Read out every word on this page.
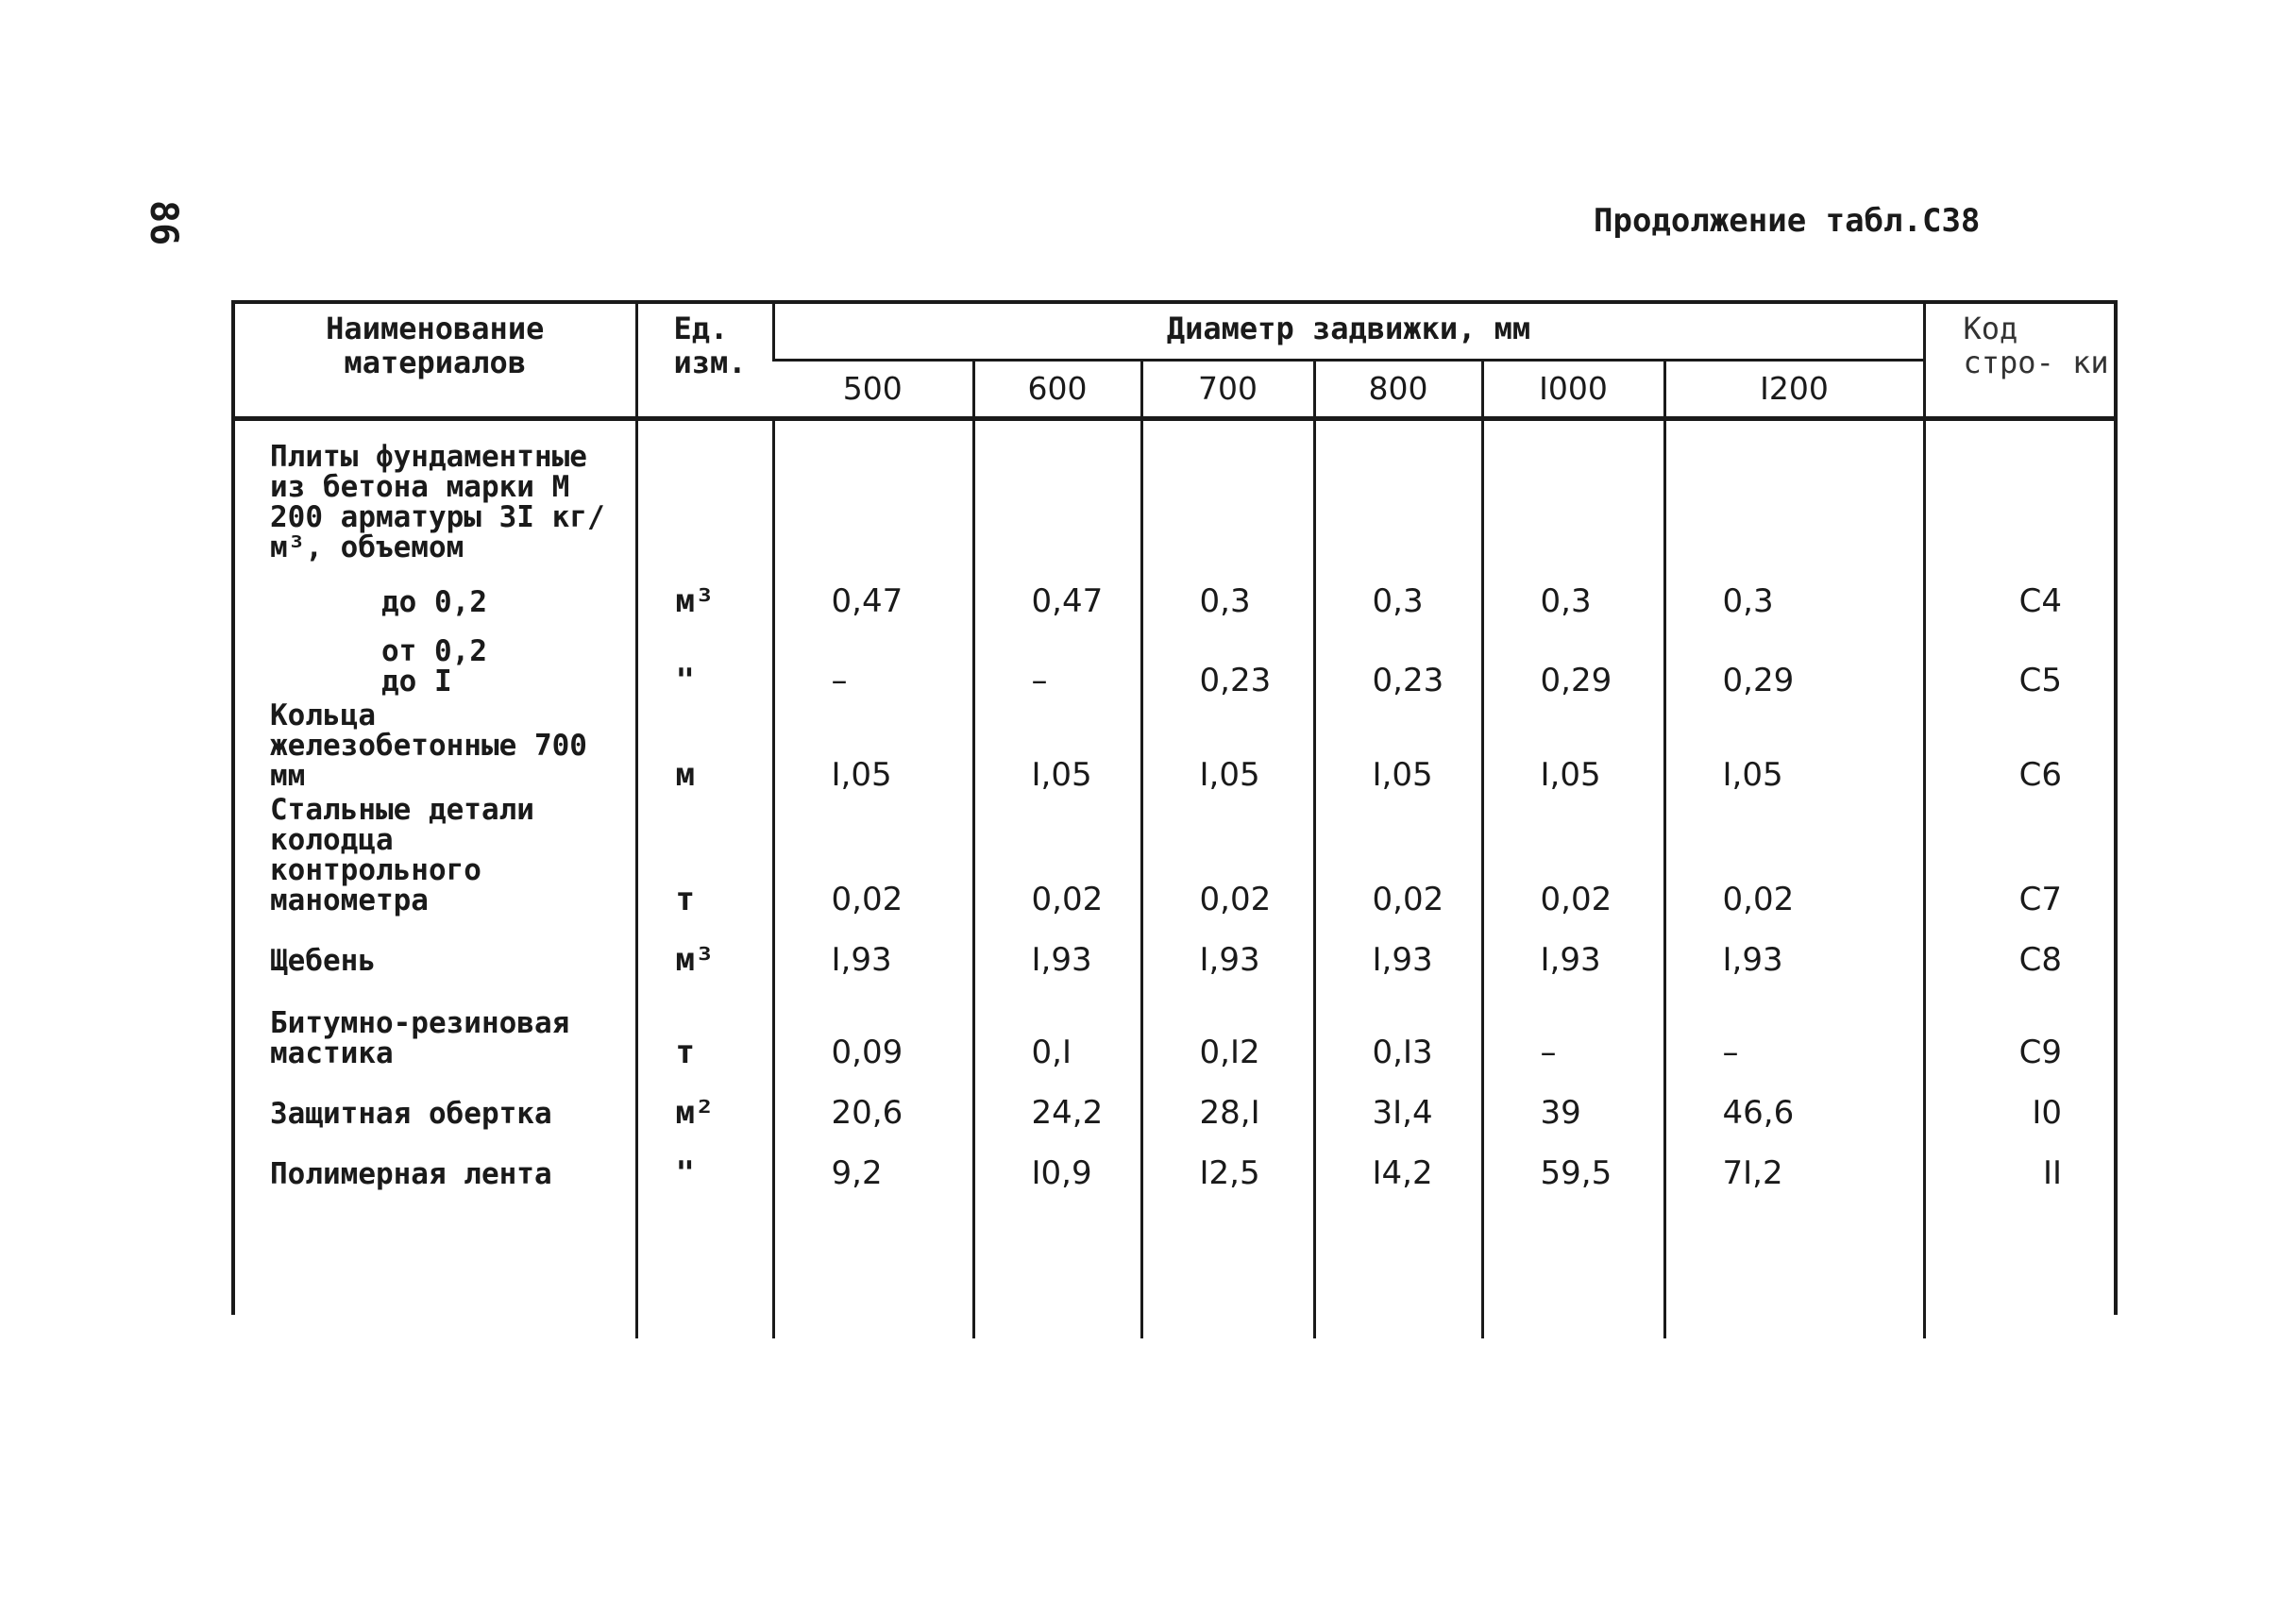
86	Продолжение табл.С38
Наименование материалов	Ед. изм.	Диаметр задвижки, мм						Код стро- ки
		500	600	700	800	I000	I200	
Плиты фундаментные из бетона марки М 200 арматуры 3I кг/м³, объемом								
до 0,2	м³	0,47	0,47	0,3	0,3	0,3	0,3	С4
от 0,2 до I	"	–	–	0,23	0,23	0,29	0,29	С5
Кольца железобетонные 700 мм	м	I,05	I,05	I,05	I,05	I,05	I,05	С6
Стальные детали колодца контрольного манометра	т	0,02	0,02	0,02	0,02	0,02	0,02	С7
Щебень	м³	I,93	I,93	I,93	I,93	I,93	I,93	С8
Битумно-резиновая мастика	т	0,09	0,I	0,I2	0,I3	–	–	С9
Защитная обертка	м²	20,6	24,2	28,I	3I,4	39	46,6	I0
Полимерная лента	"	9,2	I0,9	I2,5	I4,2	59,5	7I,2	II
